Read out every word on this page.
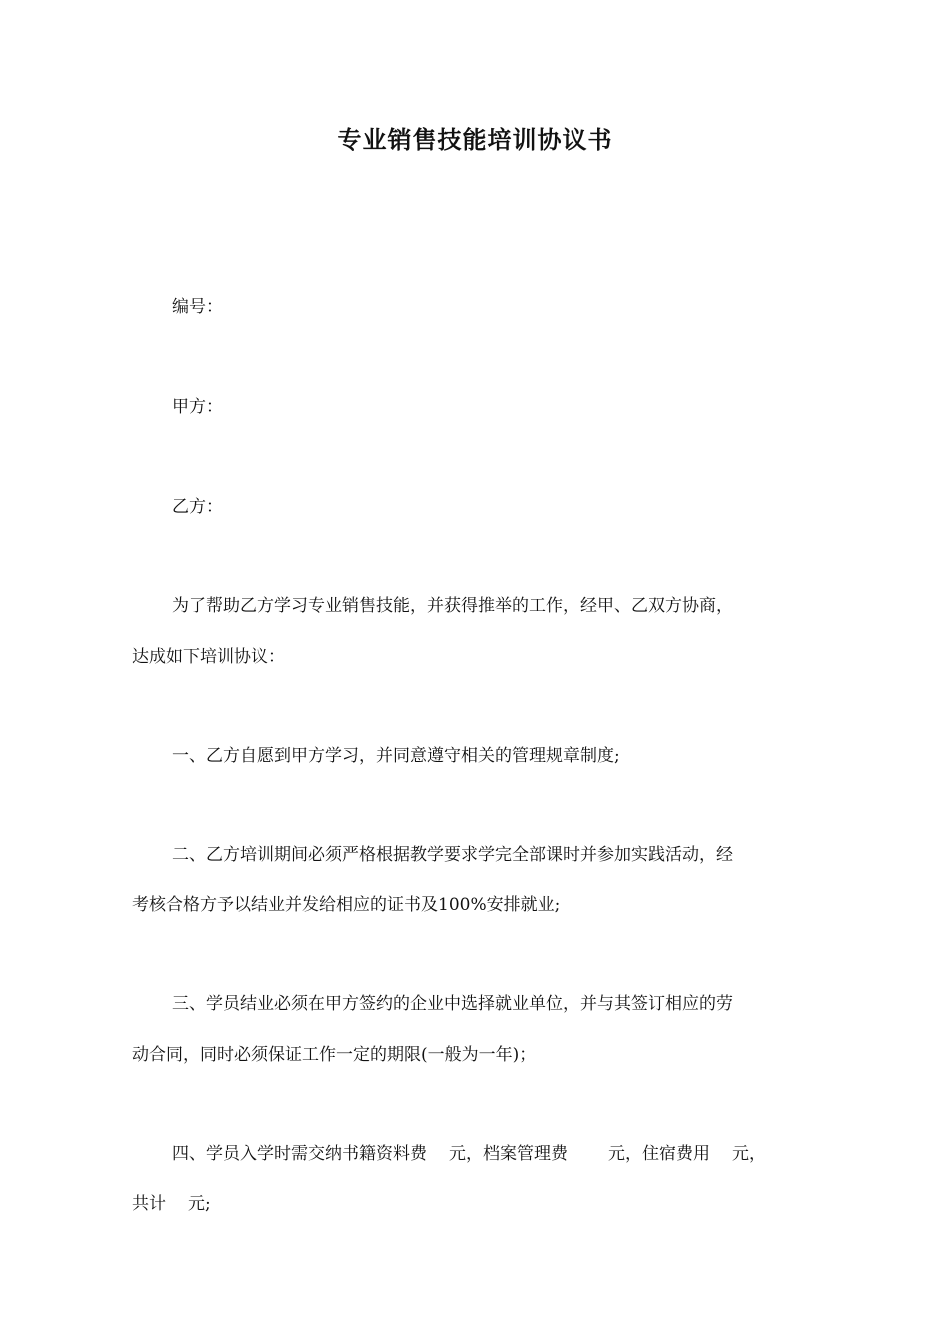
专业销售技能培训协议书
编号：
甲方：
乙方：
为了帮助乙方学习专业销售技能，并获得推举的工作，经甲、乙双方协商，
达成如下培训协议：
一、乙方自愿到甲方学习，并同意遵守相关的管理规章制度;
二、乙方培训期间必须严格根据教学要求学完全部课时并参加实践活动，经
考核合格方予以结业并发给相应的证书及100%安排就业;
三、学员结业必须在甲方签约的企业中选择就业单位，并与其签订相应的劳
动合同，同时必须保证工作一定的期限(一般为一年)；
四、学员入学时需交纳书籍资料费 元，档案管理费 元，住宿费用 元，
共计 元;
